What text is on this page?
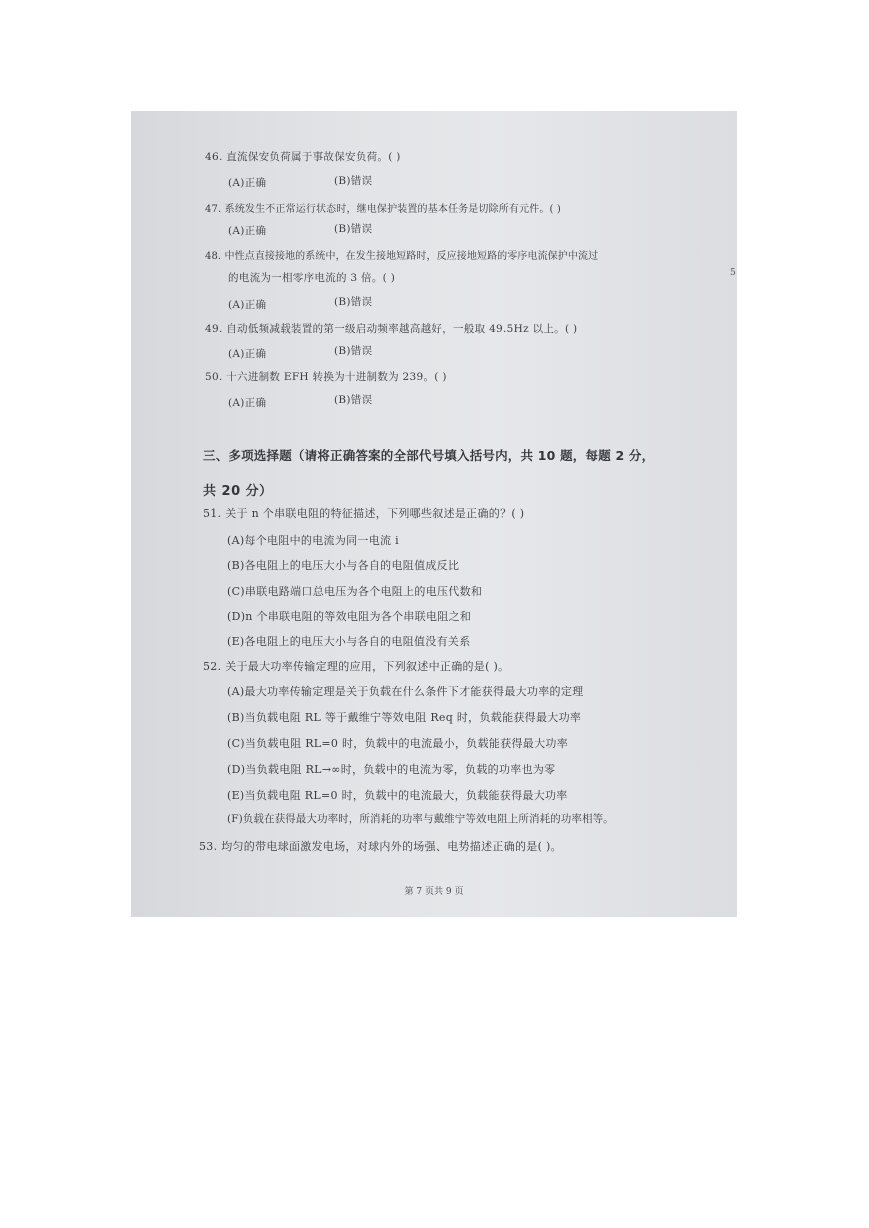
46. 直流保安负荷属于事故保安负荷。( )
(A)正确	(B)错误
47. 系统发生不正常运行状态时，继电保护装置的基本任务是切除所有元件。( )
(A)正确	(B)错误
48. 中性点直接接地的系统中，在发生接地短路时，反应接地短路的零序电流保护中流过
的电流为一相零序电流的 3 倍。( )
(A)正确	(B)错误
49. 自动低频减载装置的第一级启动频率越高越好，一般取 49.5Hz 以上。( )
(A)正确	(B)错误
50. 十六进制数 EFH 转换为十进制数为 239。( )
(A)正确	(B)错误
三、多项选择题（请将正确答案的全部代号填入括号内，共 10 题，每题 2 分，
共 20 分）
51. 关于 n 个串联电阻的特征描述，下列哪些叙述是正确的？( )
(A)每个电阻中的电流为同一电流 i
(B)各电阻上的电压大小与各自的电阻值成反比
(C)串联电路端口总电压为各个电阻上的电压代数和
(D)n 个串联电阻的等效电阻为各个串联电阻之和
(E)各电阻上的电压大小与各自的电阻值没有关系
52. 关于最大功率传输定理的应用，下列叙述中正确的是( )。
(A)最大功率传输定理是关于负载在什么条件下才能获得最大功率的定理
(B)当负载电阻 RL 等于戴维宁等效电阻 Req 时，负载能获得最大功率
(C)当负载电阻 RL=0 时，负载中的电流最小，负载能获得最大功率
(D)当负载电阻 RL→∞时，负载中的电流为零，负载的功率也为零
(E)当负载电阻 RL=0 时，负载中的电流最大，负载能获得最大功率
(F)负载在获得最大功率时，所消耗的功率与戴维宁等效电阻上所消耗的功率相等。
53. 均匀的带电球面激发电场，对球内外的场强、电势描述正确的是( )。
第 7 页共 9 页
5
